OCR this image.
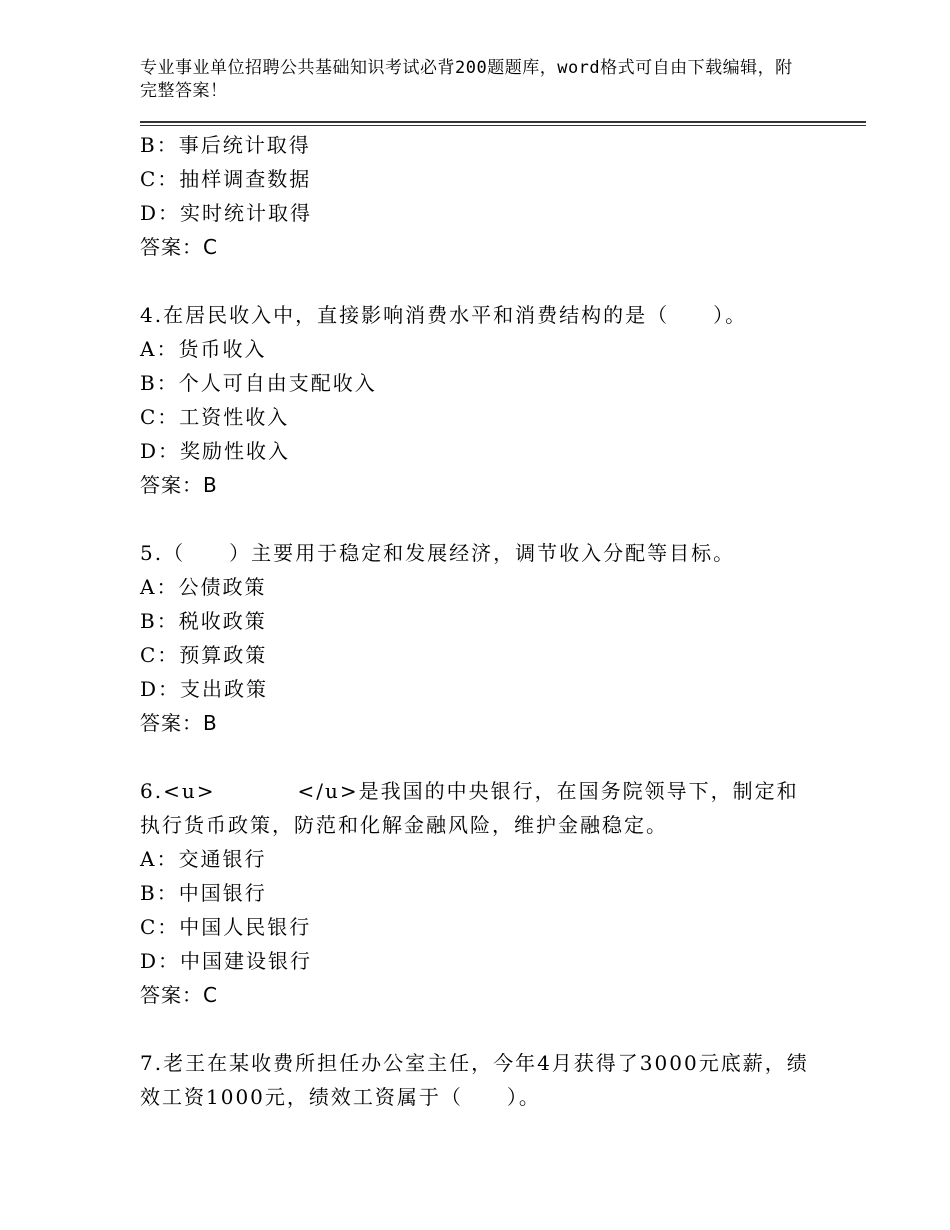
专业事业单位招聘公共基础知识考试必背200题题库，word格式可自由下载编辑，附完整答案！
B：事后统计取得
C：抽样调查数据
D：实时统计取得
答案：C
4.在居民收入中，直接影响消费水平和消费结构的是（ ）。
A：货币收入
B：个人可自由支配收入
C：工资性收入
D：奖励性收入
答案：B
5.（ ）主要用于稳定和发展经济，调节收入分配等目标。
A：公债政策
B：税收政策
C：预算政策
D：支出政策
答案：B
6.<u>	</u>是我国的中央银行，在国务院领导下，制定和执行货币政策，防范和化解金融风险，维护金融稳定。
A：交通银行
B：中国银行
C：中国人民银行
D：中国建设银行
答案：C
7.老王在某收费所担任办公室主任，今年4月获得了3000元底薪，绩效工资1000元，绩效工资属于（ ）。
